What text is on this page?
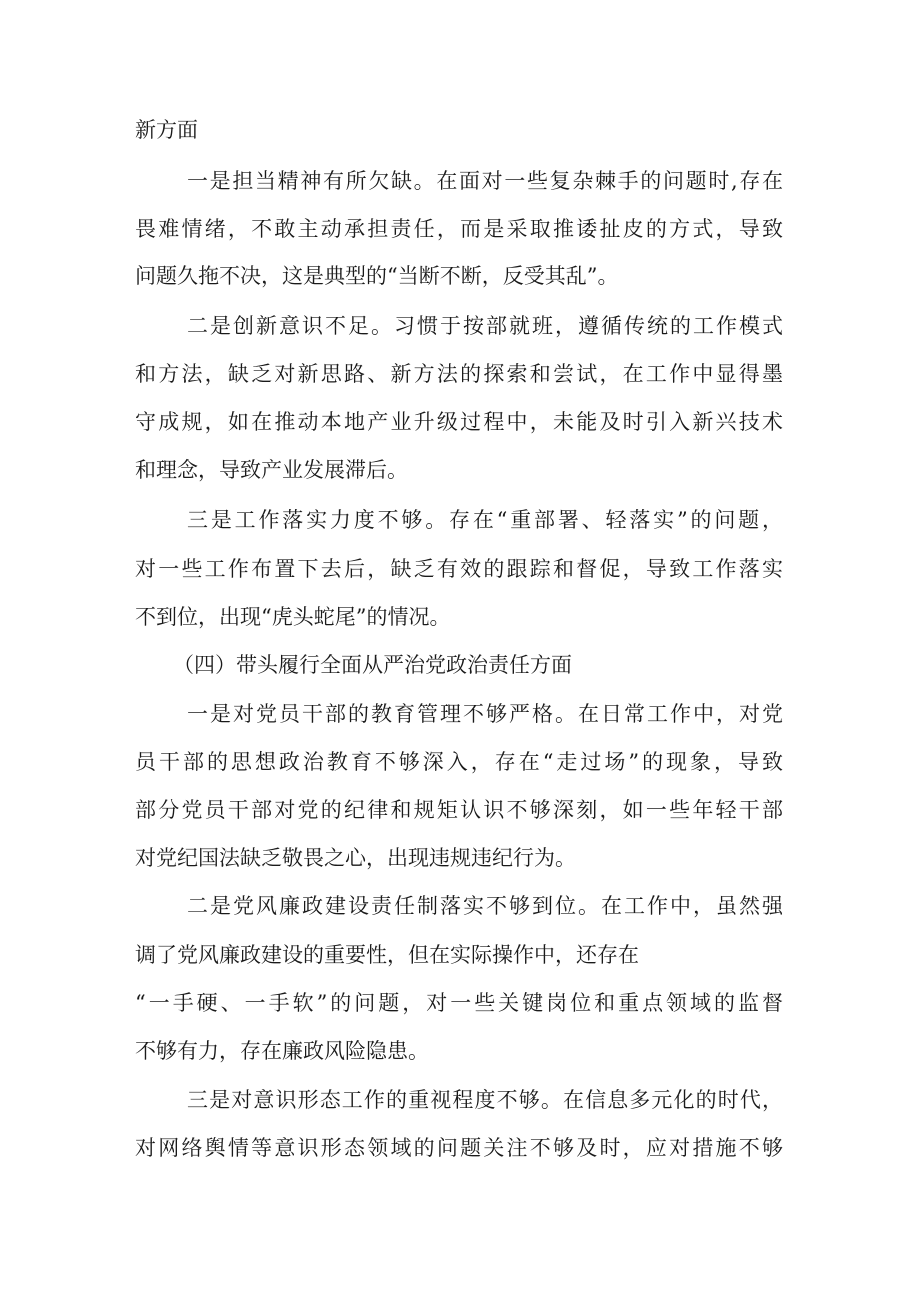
新方面
一是担当精神有所欠缺。在面对一些复杂棘手的问题时,存在
畏难情绪，不敢主动承担责任，而是采取推诿扯皮的方式，导致
问题久拖不决，这是典型的“当断不断，反受其乱”。
二是创新意识不足。习惯于按部就班，遵循传统的工作模式
和方法，缺乏对新思路、新方法的探索和尝试，在工作中显得墨
守成规，如在推动本地产业升级过程中，未能及时引入新兴技术
和理念，导致产业发展滞后。
三是工作落实力度不够。存在“重部署、轻落实”的问题，
对一些工作布置下去后，缺乏有效的跟踪和督促，导致工作落实
不到位，出现“虎头蛇尾”的情况。
（四）带头履行全面从严治党政治责任方面
一是对党员干部的教育管理不够严格。在日常工作中，对党
员干部的思想政治教育不够深入，存在“走过场”的现象，导致
部分党员干部对党的纪律和规矩认识不够深刻，如一些年轻干部
对党纪国法缺乏敬畏之心，出现违规违纪行为。
二是党风廉政建设责任制落实不够到位。在工作中，虽然强
调了党风廉政建设的重要性，但在实际操作中，还存在
“一手硬、一手软”的问题，对一些关键岗位和重点领域的监督
不够有力，存在廉政风险隐患。
三是对意识形态工作的重视程度不够。在信息多元化的时代，
对网络舆情等意识形态领域的问题关注不够及时，应对措施不够
